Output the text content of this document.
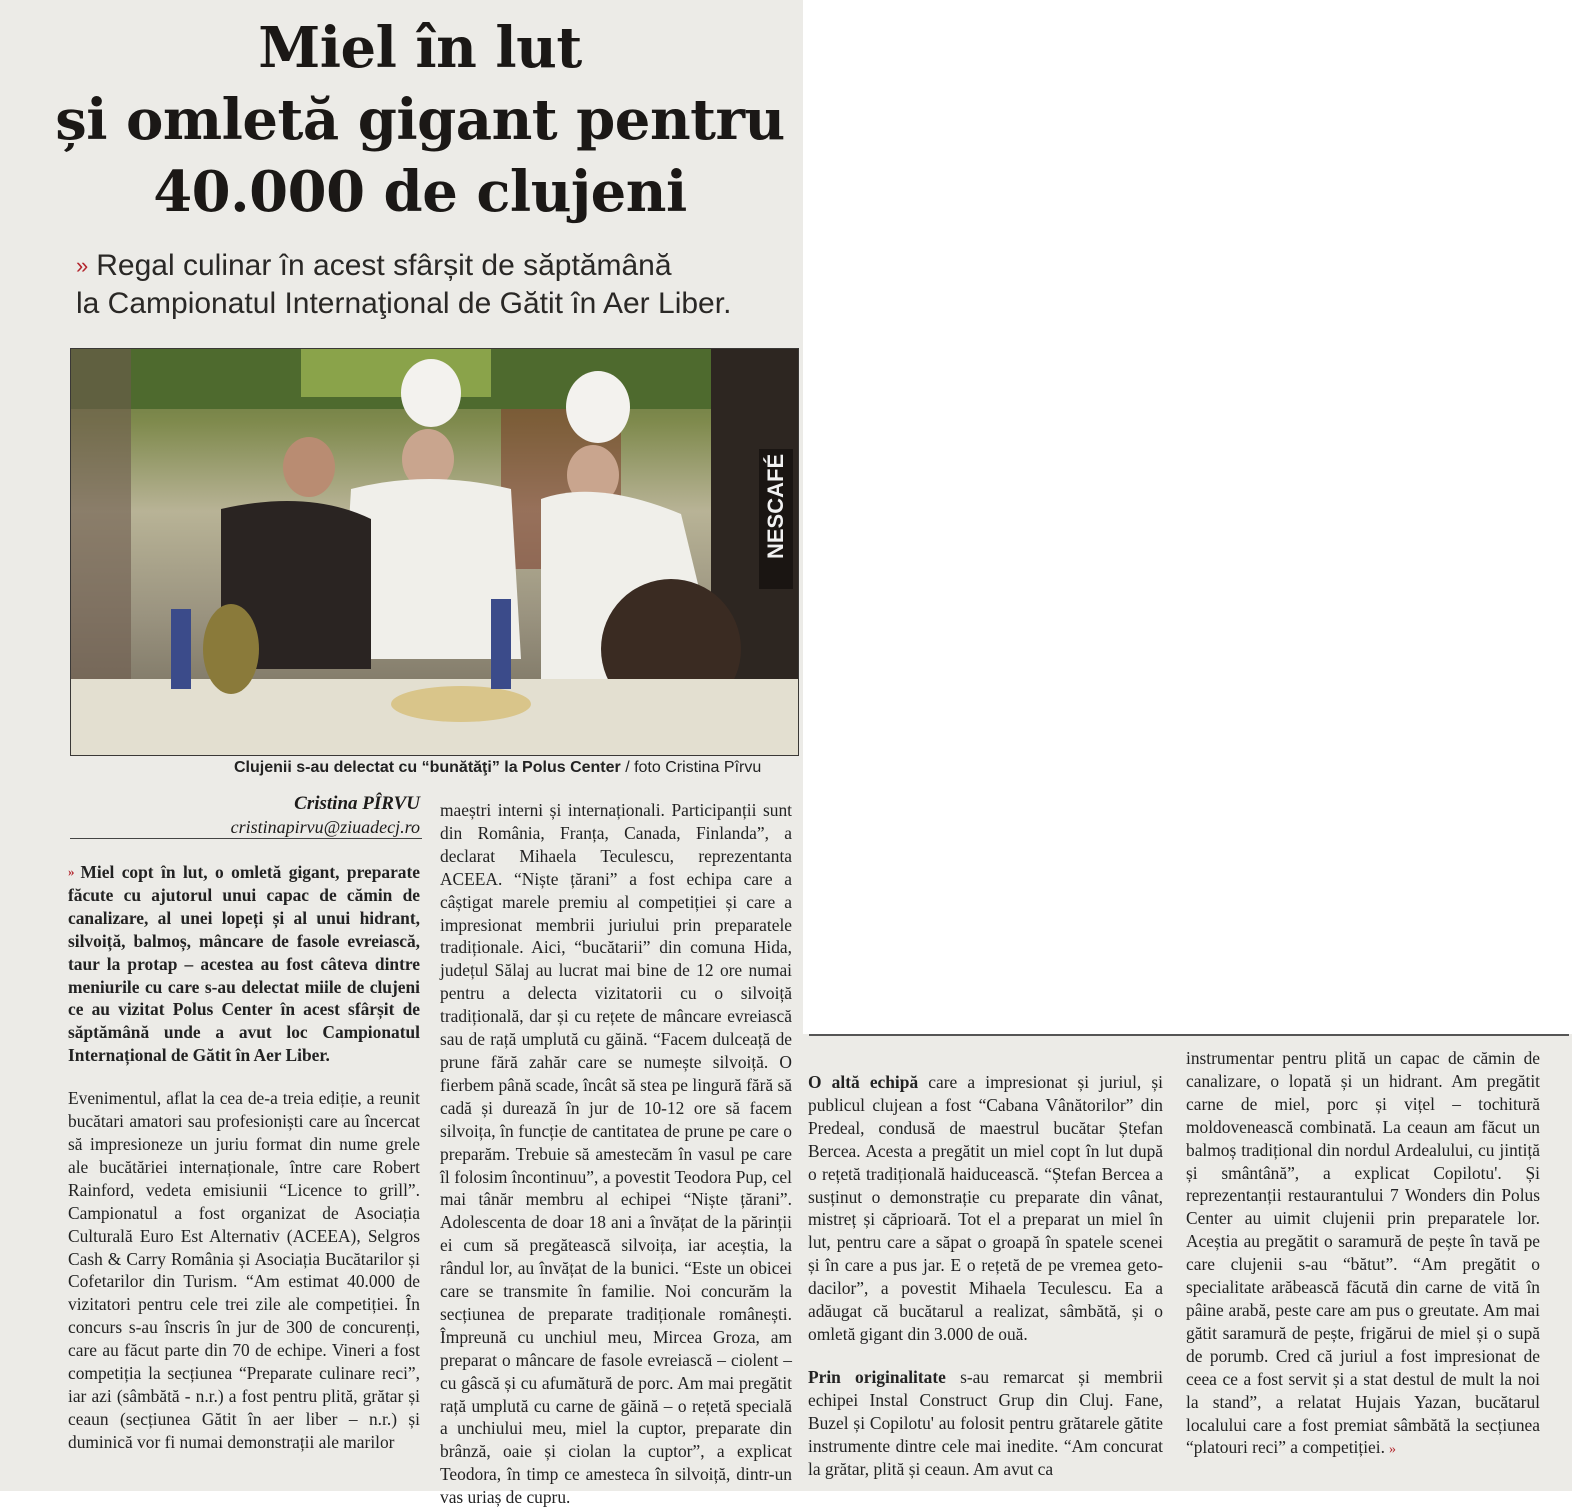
Miel în lut
și omletă gigant pentru
40.000 de clujeni

» Regal culinar în acest sfârșit de săptămână

la Campionatul Internaţional de Gătit în Aer Liber.

NESCAFÉ

Clujenii s-au delectat cu “bunătăţi” la Polus Center / foto Cristina Pîrvu

Cristina PÎRVU
cristinapirvu@ziuadecj.ro

» Miel copt în lut, o omletă gigant, preparate făcute cu ajutorul unui capac de cămin de canalizare, al unei lopeți și al unui hidrant, silvoiță, balmoș, mâncare de fasole evreiască, taur la protap – acestea au fost câteva dintre meniurile cu care s-au delectat miile de clujeni ce au vizitat Polus Center în acest sfârșit de săptămână unde a avut loc Campionatul Internațional de Gătit în Aer Liber.

Evenimentul, aflat la cea de-a treia ediție, a reunit bucătari amatori sau profesioniști care au încercat să impresioneze un juriu format din nume grele ale bucătăriei internaționale, între care Robert Rainford, vedeta emisiunii “Licence to grill”. Campionatul a fost organizat de Asociația Culturală Euro Est Alternativ (ACEEA), Selgros Cash & Carry România și Asociația Bucătarilor și Cofetarilor din Turism. “Am estimat 40.000 de vizitatori pentru cele trei zile ale competiției. În concurs s-au înscris în jur de 300 de concurenți, care au făcut parte din 70 de echipe. Vineri a fost competiția la secțiunea “Preparate culinare reci”, iar azi (sâmbătă - n.r.) a fost pentru plită, grătar și ceaun (secțiunea Gătit în aer liber – n.r.) și duminică vor fi numai demonstrații ale marilor

maeștri interni și internaționali. Participanții sunt din România, Franța, Canada, Finlanda”, a declarat Mihaela Teculescu, reprezentanta ACEEA. “Niște țărani” a fost echipa care a câștigat marele premiu al competiției și care a impresionat membrii juriului prin preparatele tradiționale. Aici, “bucătarii” din comuna Hida, județul Sălaj au lucrat mai bine de 12 ore numai pentru a delecta vizitatorii cu o silvoiță tradițională, dar și cu rețete de mâncare evreiască sau de rață umplută cu găină. “Facem dulceață de prune fără zahăr care se numește silvoiță. O fierbem până scade, încât să stea pe lingură fără să cadă și durează în jur de 10-12 ore să facem silvoița, în funcție de cantitatea de prune pe care o preparăm. Trebuie să amestecăm în vasul pe care îl folosim încontinuu”, a povestit Teodora Pup, cel mai tânăr membru al echipei “Niște țărani”. Adolescenta de doar 18 ani a învățat de la părinții ei cum să pregătească silvoița, iar aceștia, la rândul lor, au învățat de la bunici. “Este un obicei care se transmite în familie. Noi concurăm la secțiunea de preparate tradiționale românești. Împreună cu unchiul meu, Mircea Groza, am preparat o mâncare de fasole evreiască – ciolent – cu gâscă și cu afumătură de porc. Am mai pregătit rață umplută cu carne de găină – o rețetă specială a unchiului meu, miel la cuptor, preparate din brânză, oaie și ciolan la cuptor”, a explicat Teodora, în timp ce amesteca în silvoiță, dintr-un vas uriaș de cupru.

O altă echipă care a impresionat și juriul, și publicul clujean a fost “Cabana Vânătorilor” din Predeal, condusă de maestrul bucătar Ștefan Bercea. Acesta a pregătit un miel copt în lut după o rețetă tradițională haiducească. “Ștefan Bercea a susținut o demonstrație cu preparate din vânat, mistreț și căprioară. Tot el a preparat un miel în lut, pentru care a săpat o groapă în spatele scenei și în care a pus jar. E o rețetă de pe vremea geto-dacilor”, a povestit Mihaela Teculescu. Ea a adăugat că bucătarul a realizat, sâmbătă, și o omletă gigant din 3.000 de ouă.

Prin originalitate s-au remarcat și membrii echipei Instal Construct Grup din Cluj. Fane, Buzel și Copilotu' au folosit pentru grătarele gătite instrumente dintre cele mai inedite. “Am concurat la grătar, plită și ceaun. Am avut ca

instrumentar pentru plită un capac de cămin de canalizare, o lopată și un hidrant. Am pregătit carne de miel, porc și vițel – tochitură moldovenească combinată. La ceaun am făcut un balmoș tradițional din nordul Ardealului, cu jintiță și smântână”, a explicat Copilotu'. Și reprezentanții restaurantului 7 Wonders din Polus Center au uimit clujenii prin preparatele lor. Aceștia au pregătit o saramură de pește în tavă pe care clujenii s-au “bătut”. “Am pregătit o specialitate arăbească făcută din carne de vită în pâine arabă, peste care am pus o greutate. Am mai gătit saramură de pește, frigărui de miel și o supă de porumb. Cred că juriul a fost impresionat de ceea ce a fost servit și a stat destul de mult la noi la stand”, a relatat Hujais Yazan, bucătarul localului care a fost premiat sâmbătă la secțiunea “platouri reci” a competiției. »
